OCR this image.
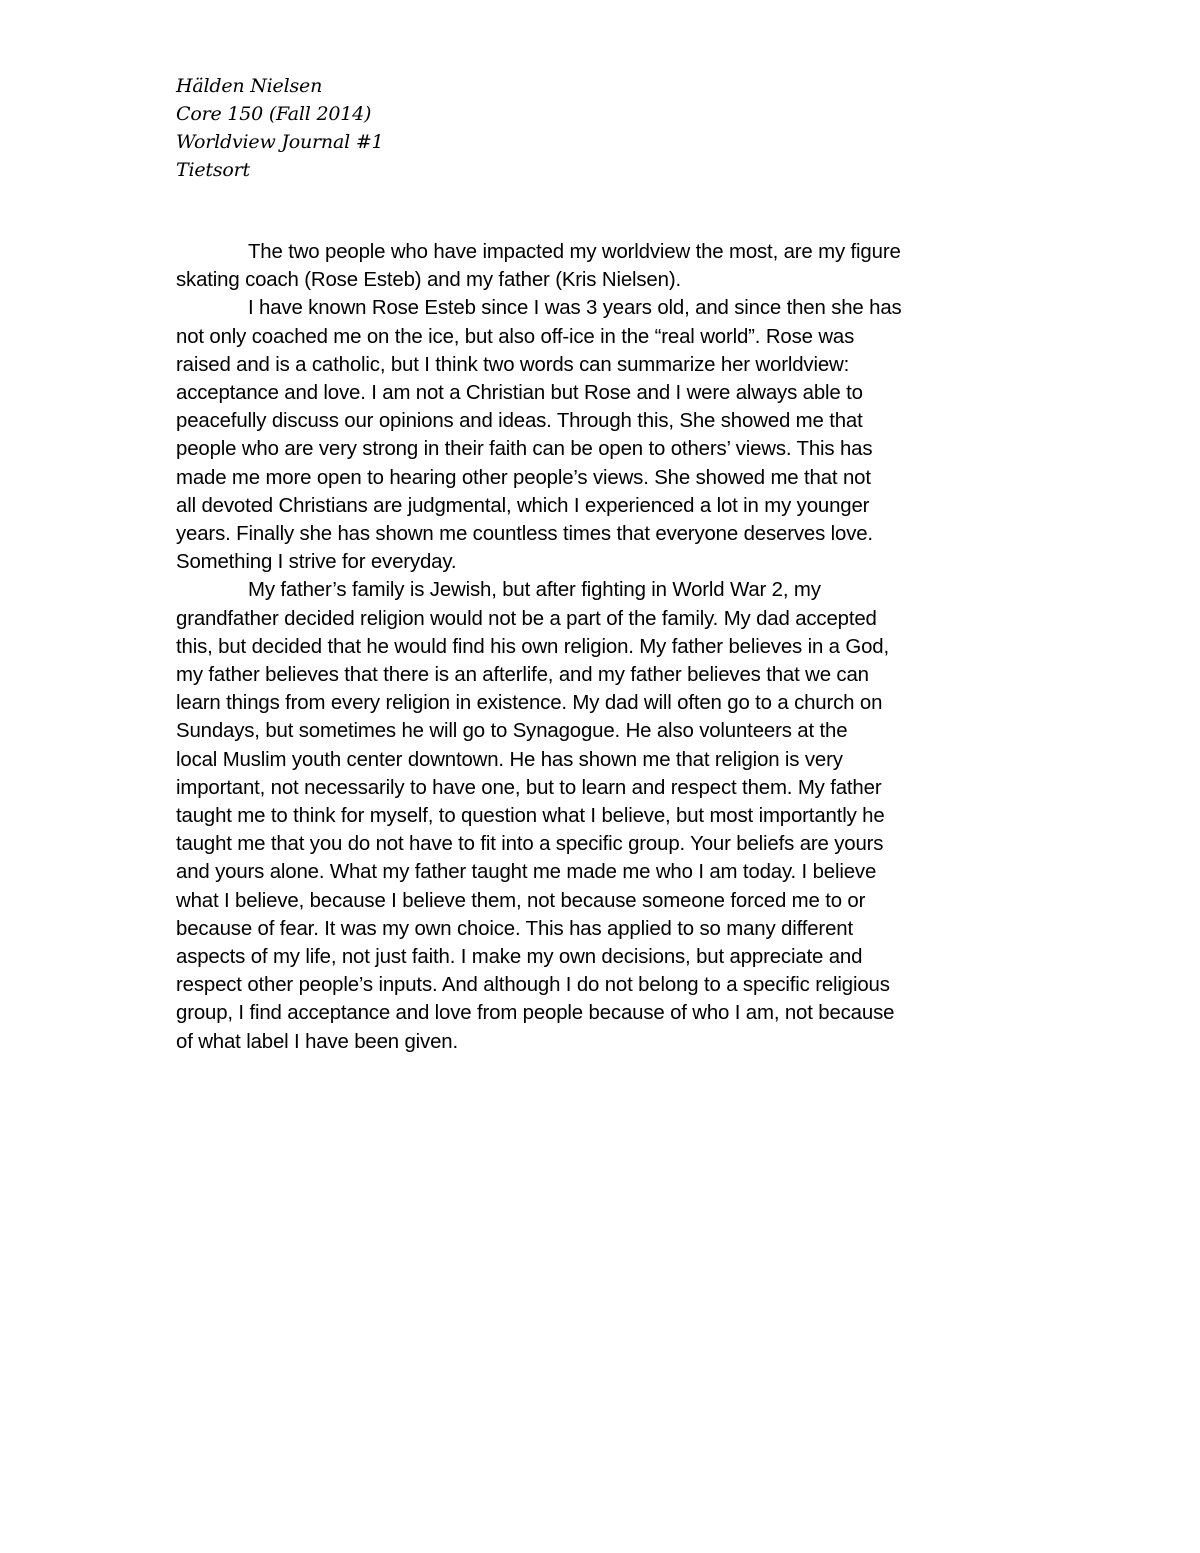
Hälden Nielsen
Core 150 (Fall 2014)
Worldview Journal #1
Tietsort
The two people who have impacted my worldview the most, are my figure
skating coach (Rose Esteb) and my father (Kris Nielsen).
I have known Rose Esteb since I was 3 years old, and since then she has
not only coached me on the ice, but also off-ice in the “real world”. Rose was
raised and is a catholic, but I think two words can summarize her worldview:
acceptance and love. I am not a Christian but Rose and I were always able to
peacefully discuss our opinions and ideas. Through this, She showed me that
people who are very strong in their faith can be open to others’ views. This has
made me more open to hearing other people’s views. She showed me that not
all devoted Christians are judgmental, which I experienced a lot in my younger
years. Finally she has shown me countless times that everyone deserves love.
Something I strive for everyday.
My father’s family is Jewish, but after fighting in World War 2, my
grandfather decided religion would not be a part of the family. My dad accepted
this, but decided that he would find his own religion. My father believes in a God,
my father believes that there is an afterlife, and my father believes that we can
learn things from every religion in existence. My dad will often go to a church on
Sundays, but sometimes he will go to Synagogue. He also volunteers at the
local Muslim youth center downtown. He has shown me that religion is very
important, not necessarily to have one, but to learn and respect them. My father
taught me to think for myself, to question what I believe, but most importantly he
taught me that you do not have to fit into a specific group. Your beliefs are yours
and yours alone. What my father taught me made me who I am today. I believe
what I believe, because I believe them, not because someone forced me to or
because of fear. It was my own choice. This has applied to so many different
aspects of my life, not just faith. I make my own decisions, but appreciate and
respect other people’s inputs. And although I do not belong to a specific religious
group, I find acceptance and love from people because of who I am, not because
of what label I have been given.
